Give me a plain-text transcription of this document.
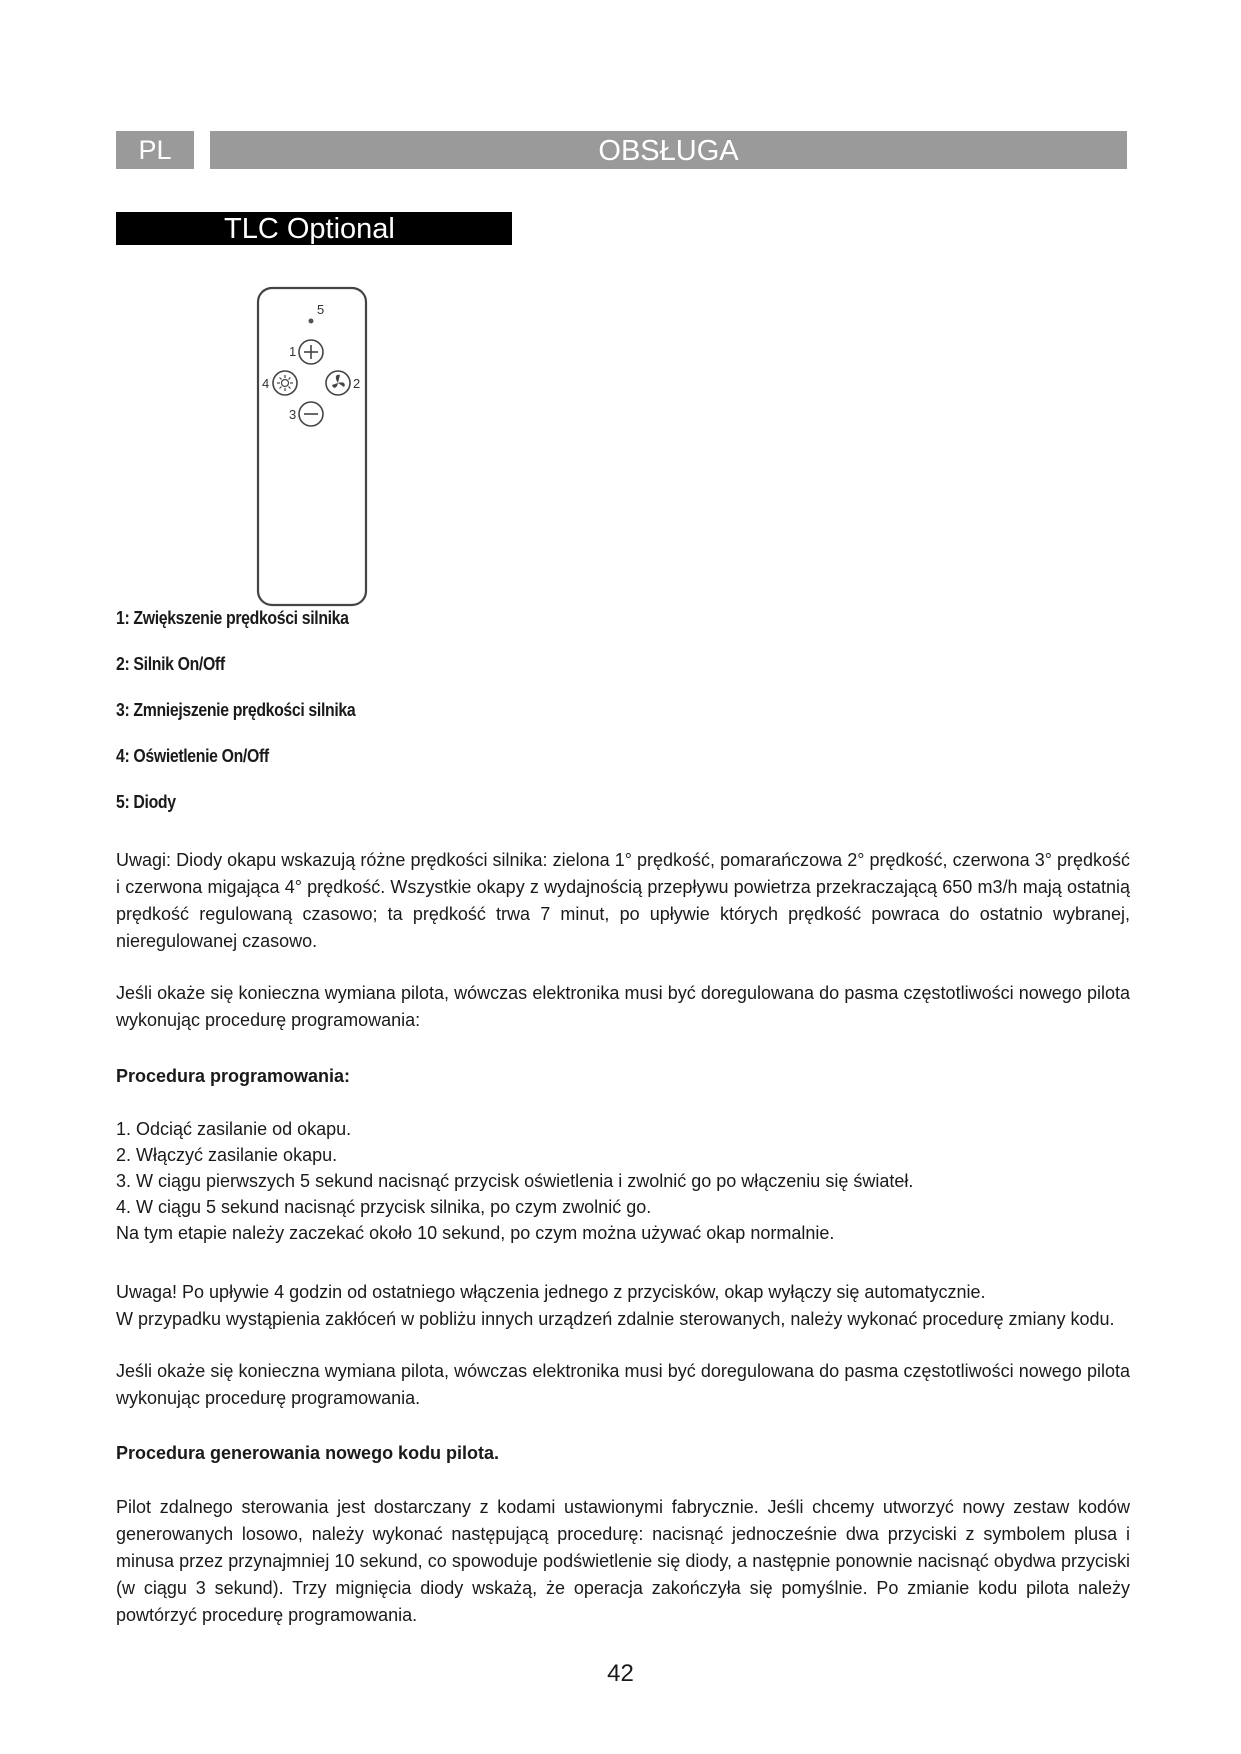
PL	OBSŁUGA
TLC Optional
5
1
4	2
3
1: Zwiększenie prędkości silnika
2: Silnik On/Off
3: Zmniejszenie prędkości silnika
4: Oświetlenie On/Off
5: Diody

Uwagi: Diody okapu wskazują różne prędkości silnika: zielona 1° prędkość, pomarańczowa 2° prędkość, czerwona 3° prędkość i czerwona migająca 4° prędkość. Wszystkie okapy z wydajnością przepływu powietrza przekraczającą 650 m3/h mają ostatnią prędkość regulowaną czasowo; ta prędkość trwa 7 minut, po upływie których prędkość powraca do ostatnio wybranej, nieregulowanej czasowo.

Jeśli okaże się konieczna wymiana pilota, wówczas elektronika musi być doregulowana do pasma częstotliwości nowego pilota wykonując procedurę programowania:

Procedura programowania:

1. Odciąć zasilanie od okapu.
2. Włączyć zasilanie okapu.
3. W ciągu pierwszych 5 sekund nacisnąć przycisk oświetlenia i zwolnić go po włączeniu się świateł.
4. W ciągu 5 sekund nacisnąć przycisk silnika, po czym zwolnić go.
Na tym etapie należy zaczekać około 10 sekund, po czym można używać okap normalnie.
Uwaga! Po upływie 4 godzin od ostatniego włączenia jednego z przycisków, okap wyłączy się automatycznie.
W przypadku wystąpienia zakłóceń w pobliżu innych urządzeń zdalnie sterowanych, należy wykonać procedurę zmiany kodu.

Jeśli okaże się konieczna wymiana pilota, wówczas elektronika musi być doregulowana do pasma częstotliwości nowego pilota wykonując procedurę programowania.

Procedura generowania nowego kodu pilota.

Pilot zdalnego sterowania jest dostarczany z kodami ustawionymi fabrycznie. Jeśli chcemy utworzyć nowy zestaw kodów generowanych losowo, należy wykonać następującą procedurę: nacisnąć jednocześnie dwa przyciski z symbolem plusa i minusa przez przynajmniej 10 sekund, co spowoduje podświetlenie się diody, a następnie ponownie nacisnąć obydwa przyciski (w ciągu 3 sekund). Trzy mignięcia diody wskażą, że operacja zakończyła się pomyślnie. Po zmianie kodu pilota należy powtórzyć procedurę programowania.

42
